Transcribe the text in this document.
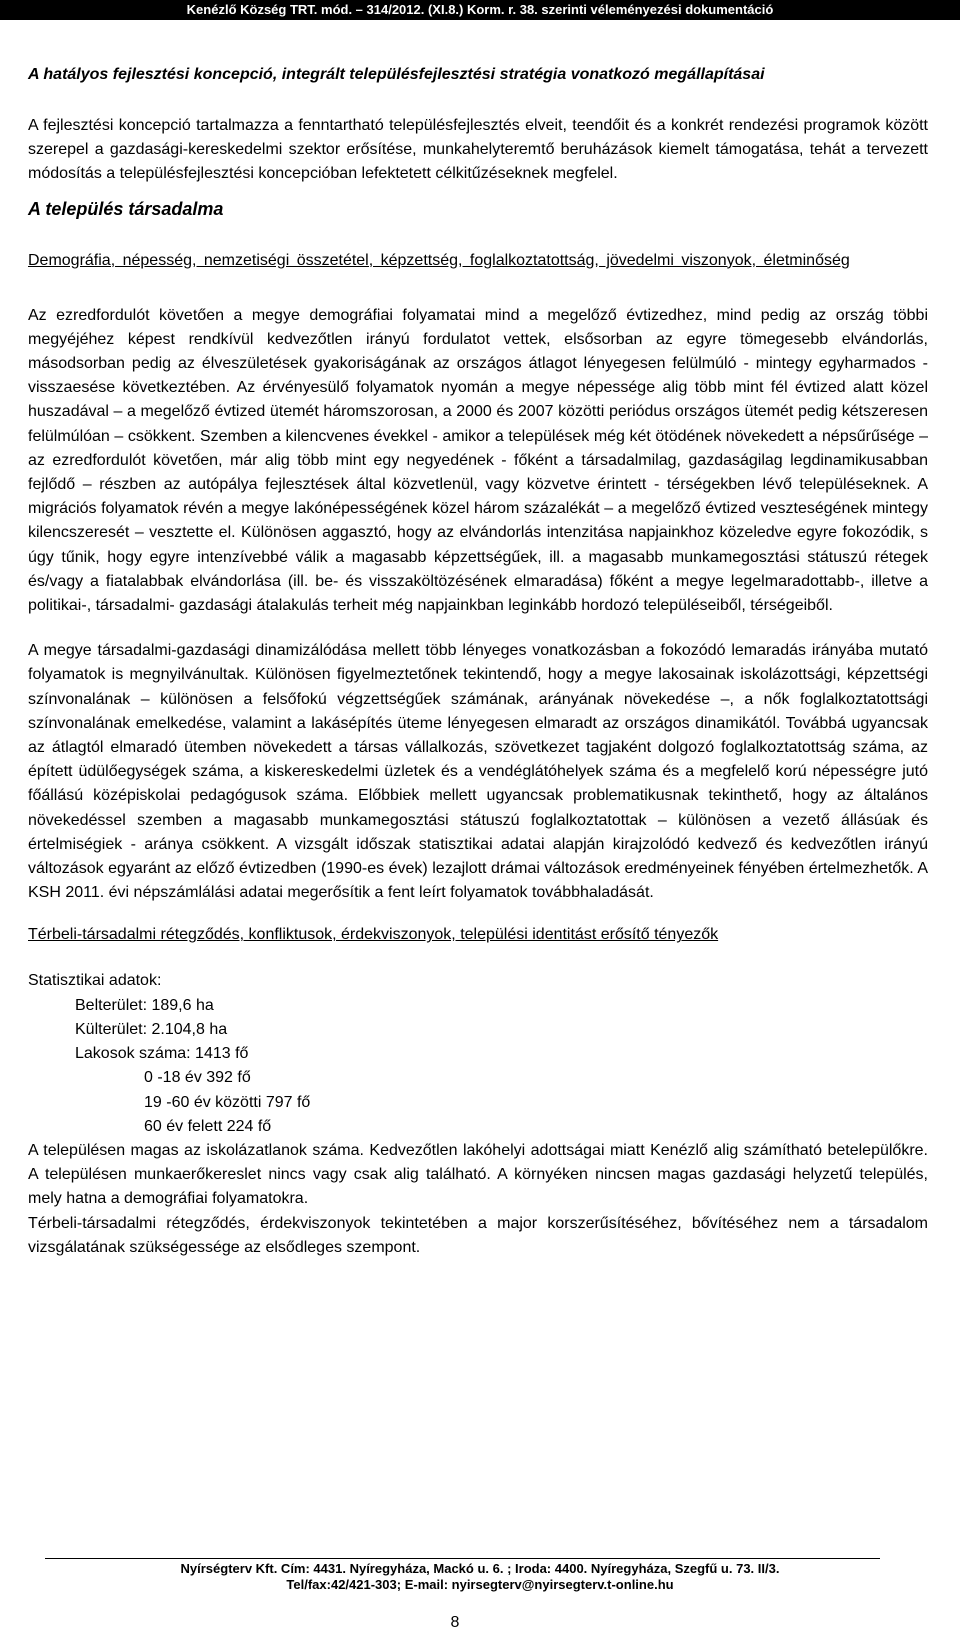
Kenézlő Község TRT. mód. – 314/2012. (XI.8.) Korm. r. 38. szerinti véleményezési dokumentáció
A hatályos fejlesztési koncepció, integrált településfejlesztési stratégia vonatkozó megállapításai

A fejlesztési koncepció tartalmazza a fenntartható településfejlesztés elveit, teendőit és a konkrét rendezési programok között szerepel a gazdasági-kereskedelmi szektor erősítése, munkahelyteremtő beruházások kiemelt támogatása, tehát a tervezett módosítás a településfejlesztési koncepcióban lefektetett célkitűzéseknek megfelel.

A település társadalma
Demográfia, népesség, nemzetiségi összetétel, képzettség, foglalkoztatottság, jövedelmi viszonyok, életminőség

Az ezredfordulót követően a megye demográfiai folyamatai mind a megelőző évtizedhez, mind pedig az ország többi megyéjéhez képest rendkívül kedvezőtlen irányú fordulatot vettek, elsősorban az egyre tömegesebb elvándorlás, másodsorban pedig az élveszületések gyakoriságának az országos átlagot lényegesen felülmúló - mintegy egyharmados - visszaesése következtében. Az érvényesülő folyamatok nyomán a megye népessége alig több mint fél évtized alatt közel huszadával – a megelőző évtized ütemét háromszorosan, a 2000 és 2007 közötti periódus országos ütemét pedig kétszeresen felülmúlóan – csökkent. Szemben a kilencvenes évekkel - amikor a települések még két ötödének növekedett a népsűrűsége – az ezredfordulót követően, már alig több mint egy negyedének - főként a társadalmilag, gazdaságilag legdinamikusabban fejlődő – részben az autópálya fejlesztések által közvetlenül, vagy közvetve érintett - térségekben lévő településeknek. A migrációs folyamatok révén a megye lakónépességének közel három százalékát – a megelőző évtized veszteségének mintegy kilencszeresét – vesztette el. Különösen aggasztó, hogy az elvándorlás intenzitása napjainkhoz közeledve egyre fokozódik, s úgy tűnik, hogy egyre intenzívebbé válik a magasabb képzettségűek, ill. a magasabb munkamegosztási státuszú rétegek és/vagy a fiatalabbak elvándorlása (ill. be- és visszaköltözésének elmaradása) főként a megye legelmaradottabb-, illetve a politikai-, társadalmi- gazdasági átalakulás terheit még napjainkban leginkább hordozó településeiből, térségeiből.

A megye társadalmi-gazdasági dinamizálódása mellett több lényeges vonatkozásban a fokozódó lemaradás irányába mutató folyamatok is megnyilvánultak. Különösen figyelmeztetőnek tekintendő, hogy a megye lakosainak iskolázottsági, képzettségi színvonalának – különösen a felsőfokú végzettségűek számának, arányának növekedése –, a nők foglalkoztatottsági színvonalának emelkedése, valamint a lakásépítés üteme lényegesen elmaradt az országos dinamikától. Továbbá ugyancsak az átlagtól elmaradó ütemben növekedett a társas vállalkozás, szövetkezet tagjaként dolgozó foglalkoztatottság száma, az épített üdülőegységek száma, a kiskereskedelmi üzletek és a vendéglátóhelyek száma és a megfelelő korú népességre jutó főállású középiskolai pedagógusok száma. Előbbiek mellett ugyancsak problematikusnak tekinthető, hogy az általános növekedéssel szemben a magasabb munkamegosztási státuszú foglalkoztatottak – különösen a vezető állásúak és értelmiségiek - aránya csökkent. A vizsgált időszak statisztikai adatai alapján kirajzolódó kedvező és kedvezőtlen irányú változások egyaránt az előző évtizedben (1990-es évek) lezajlott drámai változások eredményeinek fényében értelmezhetők. A KSH 2011. évi népszámlálási adatai megerősítik a fent leírt folyamatok továbbhaladását.

Térbeli-társadalmi rétegződés, konfliktusok, érdekviszonyok, települési identitást erősítő tényezők
Statisztikai adatok:
Belterület: 189,6 ha
Külterület: 2.104,8 ha
Lakosok száma: 1413 fő
0 -18 év 392 fő
19 -60 év közötti 797 fő
60 év felett 224 fő

A településen magas az iskolázatlanok száma. Kedvezőtlen lakóhelyi adottságai miatt Kenézlő alig számítható betelepülőkre. A településen munkaerőkereslet nincs vagy csak alig található. A környéken nincsen magas gazdasági helyzetű település, mely hatna a demográfiai folyamatokra.

Térbeli-társadalmi rétegződés, érdekviszonyok tekintetében a major korszerűsítéséhez, bővítéséhez nem a társadalom vizsgálatának szükségessége az elsődleges szempont.

Nyírségterv Kft. Cím: 4431. Nyíregyháza, Mackó u. 6. ; Iroda: 4400. Nyíregyháza, Szegfű u. 73. II/3.
Tel/fax:42/421-303; E-mail: nyirsegterv@nyirsegterv.t-online.hu
8
